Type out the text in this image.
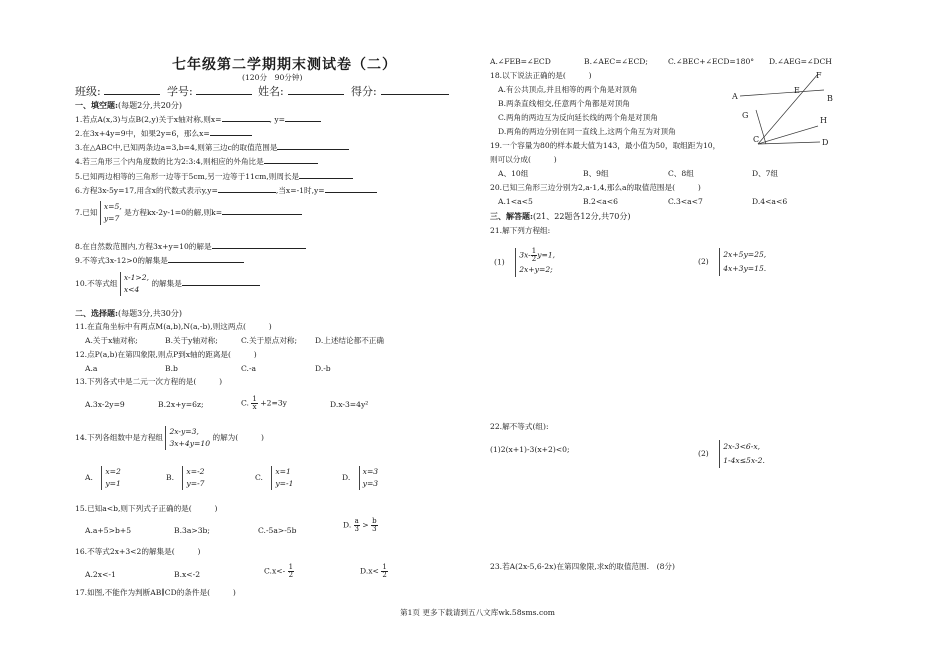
七年级第二学期期末测试卷（二）
(120分　90分钟)
班级:	学号:	姓名:	得分:
一、填空题:(每题2分,共20分)
1.若点A(x,3)与点B(2,y)关于x轴对称,则x=	, y=
2.在3x+4y=9中，如果2y=6，那么x=
3.在△ABC中,已知两条边a=3,b=4,则第三边c的取值范围是
4.若三角形三个内角度数的比为2:3:4,则相应的外角比是
5.已知两边相等的三角形一边等于5cm,另一边等于11cm,则周长是
6.方程3x-5y=17,用含x的代数式表示y,y=	,当x=-1时,y=
7.已知 x=5,
y=7 是方程kx-2y-1=0的解,则k=
8.在自然数范围内,方程3x+y=10的解是
9.不等式3x-12>0的解集是
10.不等式组 x-1>2,
x<4 的解集是
二、选择题:(每题3分,共30分)
11.在直角坐标中有两点M(a,b),N(a,-b),则这两点(　　　)
A.关于x轴对称;	B.关于y轴对称;	C.关于原点对称; D.上述结论都不正确
12.点P(a,b)在第四象限,则点P到x轴的距离是(　　　)
A.a	B.b	C.-a	D.-b
13.下列各式中是二元一次方程的是(　　　)
A.3x-2y=9	B.2x+y=6z;	C. $\frac{1}{x} +2=3y$	D.x-3=4y²
14.下列各组数中是方程组 2x-y=3,
3x+4y=10 的解为(　　　)
A. x=2
y=1
B. x=-2
y=-7
C. x=1
y=-1
D. x=3
y=3
15.已知a<b,则下列式子正确的是(　　　)
A.a+5>b+5	B.3a>3b;	C.-5a>-5b
D. $\frac{a}{3} > \frac{b}{3}$
16.不等式2x+3<2的解集是(　　　)
A.2x<-1	B.x<-2	$C.x<- \frac{1}{2}$	$D.x< \frac{1}{2}$
17.如图,不能作为判断AB∥CD的条件是(　　　)
A.∠FEB=∠ECD	B.∠AEC=∠ECD;	C.∠BEC+∠ECD=180° D.∠AEG=∠DCH
18.以下说法正确的是(　　　)
A.有公共顶点,并且相等的两个角是对顶角
B.两条直线相交,任意两个角都是对顶角
C.两角的两边互为反向延长线的两个角是对顶角
D.两角的两边分别在同一直线上,这两个角互为对顶角
F
A
E
B
G
H
C	D
19.一个容量为80的样本最大值为143，最小值为50，取组距为10，
则可以分成(　　　)
A、10组	B、9组	C、8组	D、7组
20.已知三角形三边分别为2,a-1,4,那么a的取值范围是(　　　)
A.1<a<5	B.2<a<6	C.3<a<7	D.4<a<6
三、解答题:(21、22题各12分,共70分)
21.解下列方程组:
(1) $3x- \frac{1}{2} y=1$,
2x+y=2;
(2) 2x+5y=25,
4x+3y=15.
22.解不等式(组):
(1)2(x+1)-3(x+2)<0;	(2) 2x-3<6-x,
1-4x≤5x-2.
23.若A(2x-5,6-2x)在第四象限,求x的取值范围.　(8分)
第1页 更多下载请到五八文库wk.58sms.com
